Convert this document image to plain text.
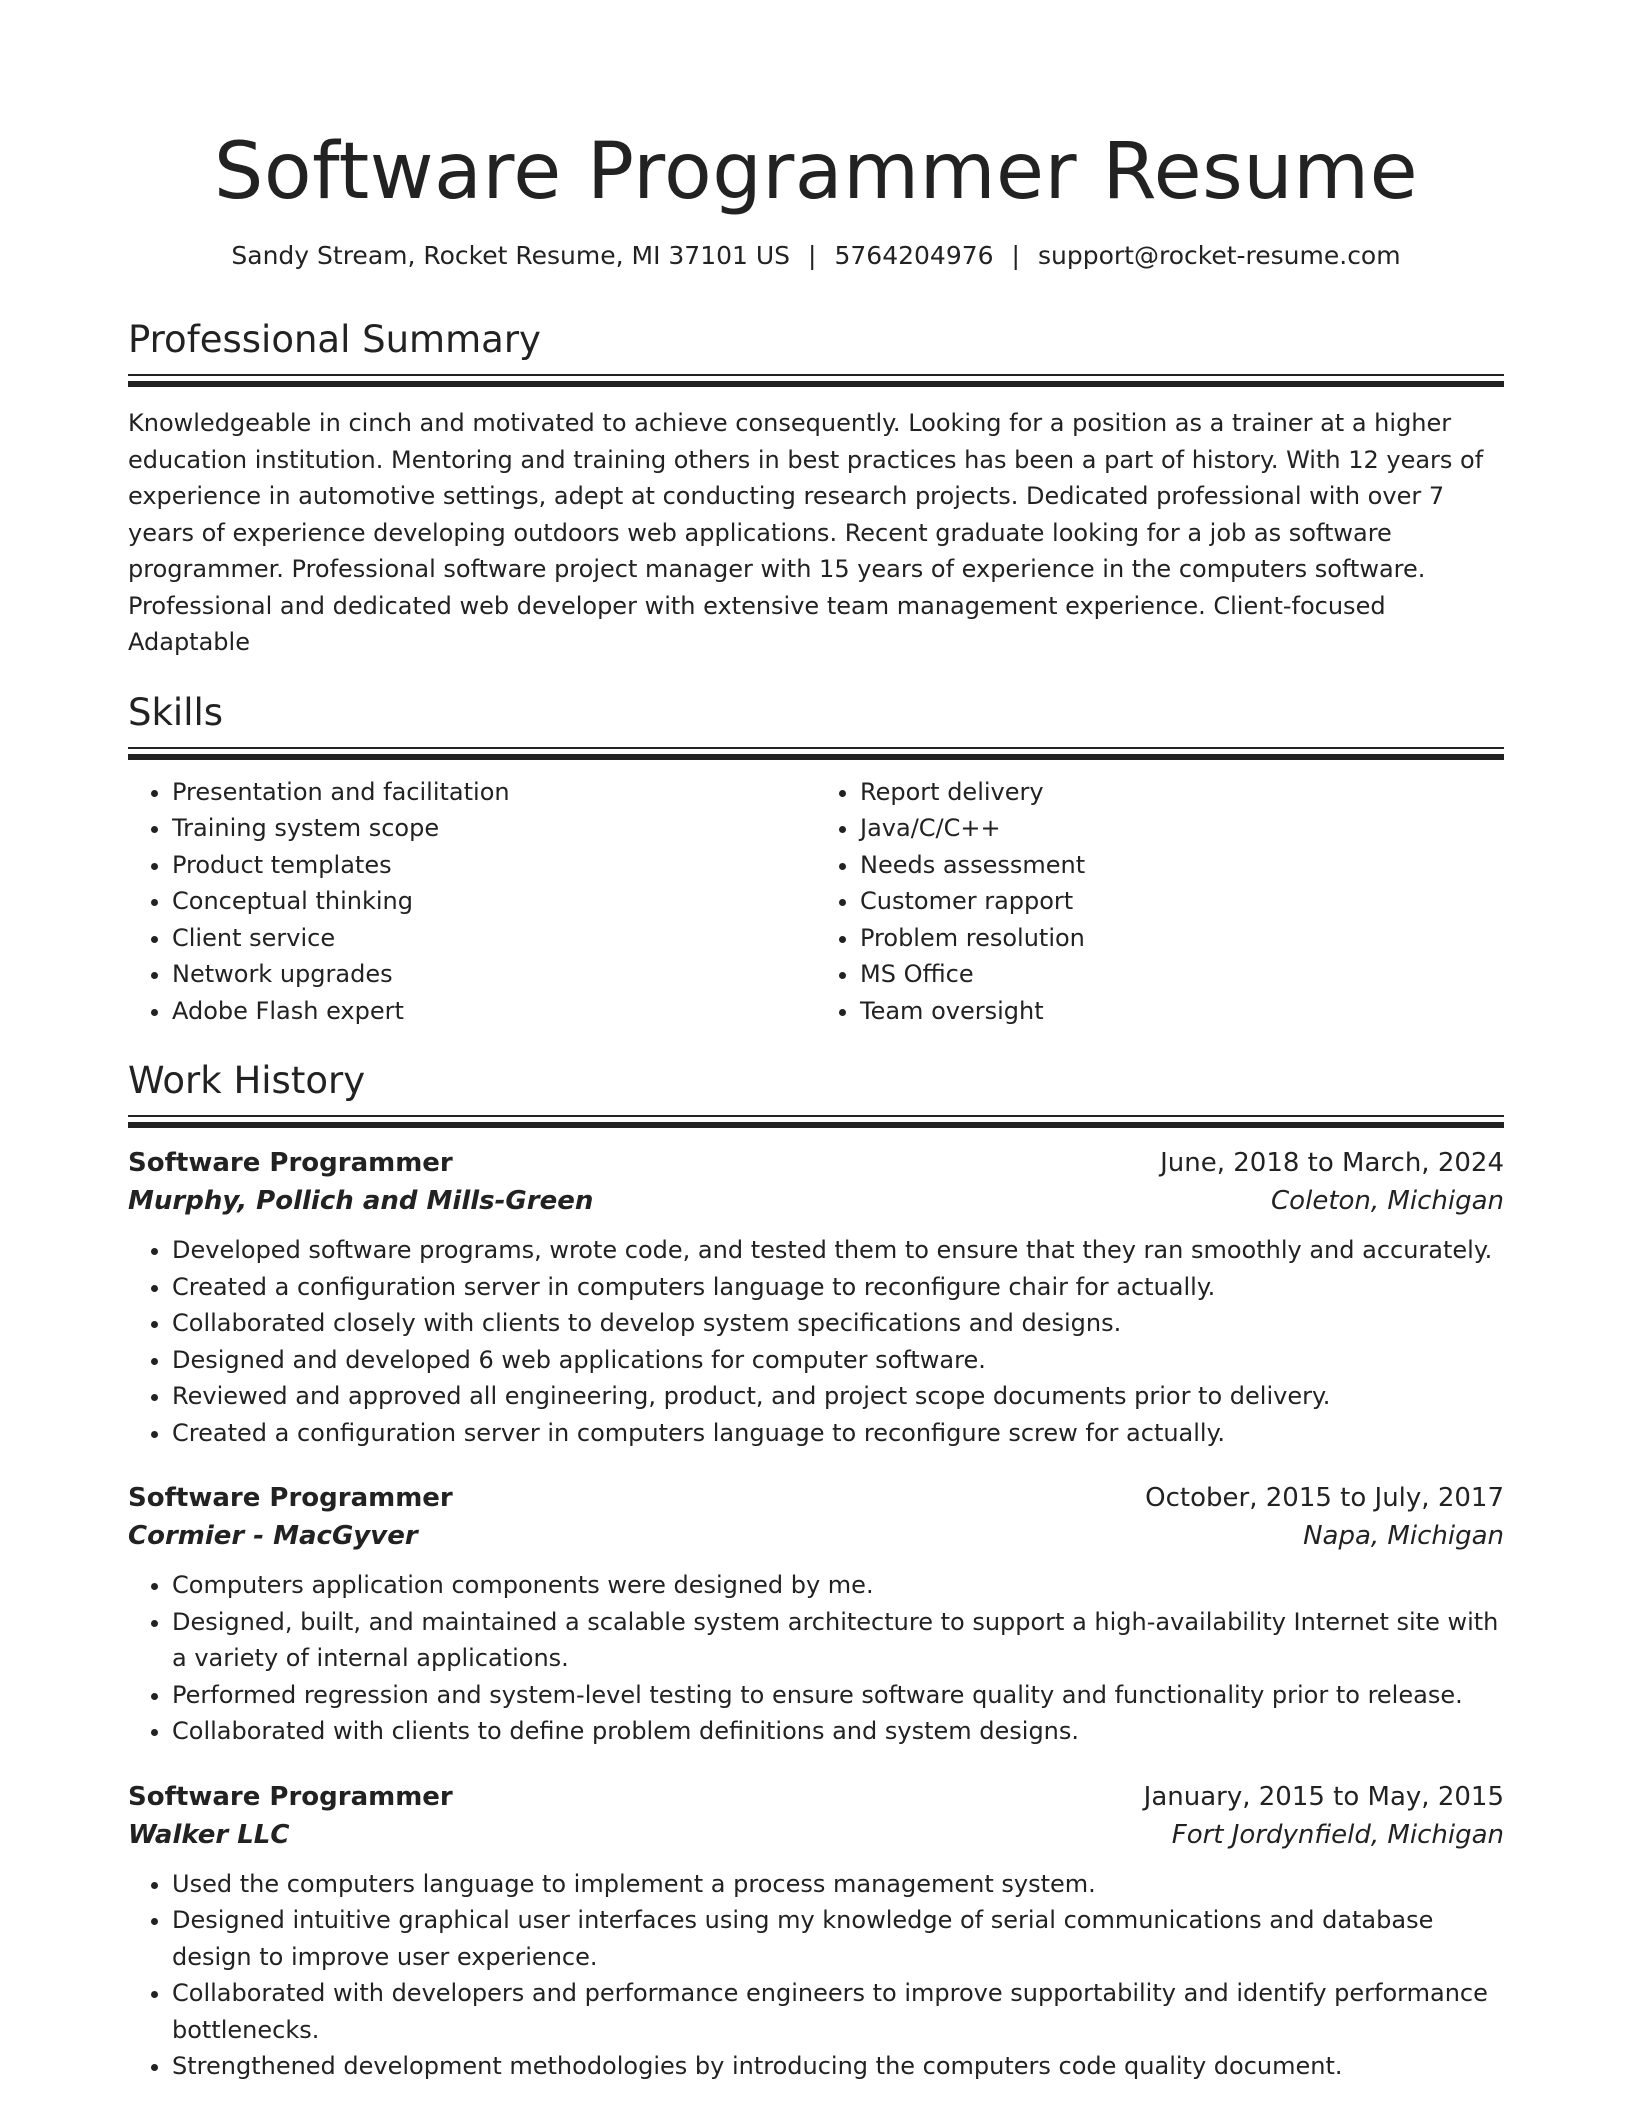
Software Programmer Resume
Sandy Stream, Rocket Resume, MI 37101 US | 5764204976 | support@rocket-resume.com
Professional Summary

Knowledgeable in cinch and motivated to achieve consequently. Looking for a position as a trainer at a higher education institution. Mentoring and training others in best practices has been a part of history. With 12 years of experience in automotive settings, adept at conducting research projects. Dedicated professional with over 7 years of experience developing outdoors web applications. Recent graduate looking for a job as software programmer. Professional software project manager with 15 years of experience in the computers software. Professional and dedicated web developer with extensive team management experience. Client-focused Adaptable

Skills
• Presentation and facilitation
• Training system scope
• Product templates
• Conceptual thinking
• Client service
• Network upgrades
• Adobe Flash expert
• Report delivery
• Java/C/C++
• Needs assessment
• Customer rapport
• Problem resolution
• MS Office
• Team oversight
Work History
Software Programmer	June, 2018 to March, 2024
Murphy, Pollich and Mills-Green	Coleton, Michigan
• Developed software programs, wrote code, and tested them to ensure that they ran smoothly and accurately.
• Created a configuration server in computers language to reconfigure chair for actually.
• Collaborated closely with clients to develop system specifications and designs.
• Designed and developed 6 web applications for computer software.
• Reviewed and approved all engineering, product, and project scope documents prior to delivery.
• Created a configuration server in computers language to reconfigure screw for actually.
Software Programmer	October, 2015 to July, 2017
Cormier - MacGyver	Napa, Michigan
• Computers application components were designed by me.
• Designed, built, and maintained a scalable system architecture to support a high-availability Internet site with a variety of internal applications.
• Performed regression and system-level testing to ensure software quality and functionality prior to release.
• Collaborated with clients to define problem definitions and system designs.
Software Programmer	January, 2015 to May, 2015
Walker LLC	Fort Jordynfield, Michigan
• Used the computers language to implement a process management system.
• Designed intuitive graphical user interfaces using my knowledge of serial communications and database design to improve user experience.
• Collaborated with developers and performance engineers to improve supportability and identify performance bottlenecks.
• Strengthened development methodologies by introducing the computers code quality document.
